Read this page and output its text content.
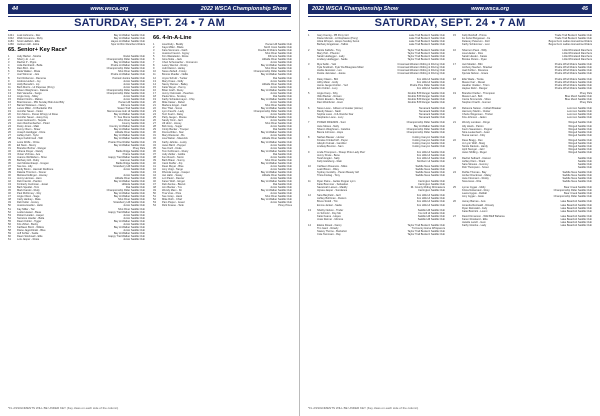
44	www.wsca.org	2022 WSCA Championship Show
SATURDAY, SEPT. 24 • 7 AM
1241	Lusk Ashmore - Rex	Bay Hi Walker Saddle Club
1042	Walk Giovanna - Ruby	Bay Hi Walker Saddle Club
1184	Scott Hatfield - Ellie	Hayes Hi Walker Saddle Club
1266	Jackson Hill - Edna	Spur Hi Rim Ranchers Riders
65. Senior+ Key Race*
1	Judy Barber - Mosha	Razel Saddle Club
2	Sherry Jo - Lux	Championship Rider Saddle Club
3	Rachel P - Pipps	Bay Hi Walker Saddle Club
4	Julia Reinhardt - Bella	Prairie Hi Walker Saddle Club
5	Rain Bird - Zoe	Championship Rider Saddle Club
6	Deila Walker - Mista	Shut River Saddle Club
7	Joel Wimmer - Jets	Prairie Hi Walker Saddle Club
8	Kurt Roberson - Ramona	Painted Justice Saddle Club
9	Andrew Hebert - Joy	Junior Saddle Club
10	Holly Benedict - Lip	Junior Saddle Club
11	Beth Morris - Lil Papoose (Pony)	Junior Saddle Club
12	Shaun Weighman - Dakota	Championship Rider Saddle Club
13	Deb Vanecke - Sargo	Championship Rider Saddle Club
14	Angie Gray - Miley	Junior Saddle Club
15	Robert Norris - Mabes	Junior Saddle Club
16	Brad Homes - RW Sunday Bob Auto Billy	Pecan Hill Saddle Club
17	Barrett Wolsteen - Nancy	Fillmore Saddle Club
18	Lance Miller - KI Buckeller 351	Sweet Trail Saddle Club
19	Jennifer Sauer - Violet	Menomonee Hub Hi Saddle Club
20	Kim Munro - Pecan Wimpy Lil Rose	Bay Hi Walker Saddle Club
21	Jennifer Sauer - Jessy Kay	Tr. Sue Monte Saddle Club
22	Jessi Gutknecht - Tequila	Shut River Saddle Club
23	Jann Reichenbacher - Pistol	County Saddle Club
24	Dusty Jones - Maki	Country Hi Walker Saddle Club
25	Jenny Olson - Shaw	Bay Hi Walker Saddle Club
26	Joseph Heidigger - Dixie	Hillside River Saddle Club
27	Ashley Kehl - Sylvi	Bay Hi Walker Saddle Club
28	Kaye Karlshroud - Will	Bay Hi Walker Saddle Club
29	Lexie Wolfe - Chloe	Prairie Pine Ridder Saddle Club
30	Ed Stein - Mercy	Bay Hi Walker Saddle Club
31	Brandon Bohrer - Ranger	Piney Pals
32	Athena Dwyer - Dandy	Battle Ridge Saddle Club
33	Vivian Vrchota - Ace	Prairie Saddle Club
34	Joanne Wohlleben - Shoo	Happy Trail Walker Saddle Club
35	Bethany Hill - Ruby	Hanover Saddle Club
36	Jaci Mockenhaupt - Imogen	Battle Ridge Saddle Club
37	Sue Ha - Lilly	Strawberry Hill Saddle Club
38	Emily Bonin - Hannah Redbone	Junior Saddle Club
39	Dakota Thornton - Stoner	Saddle Club
40	Melissa Dellinger - Hooray	Junior Saddle Club
41	Jenny Hermes - Hero	Hillside River Saddle Club
42	Deb Franzki - Pardon	Bay Hi Walker Saddle Club
43	Kimberly Cushman - Jewel	Hillside Saddle Club
44	Barb Speidel - Toni	Flat Saddle Club
45	Mark Kanski - Rudy	Championship Rider Saddle Club
46	Paul McKinney - Roy	Bay Hi Walker Saddle Club
47	Angie Olson - Sage	Bay Hi Walker Saddle Club
48	Carly Hankey - Maia	Shut River Saddle Club
49	Deb Keller - Honey	Strawberry Hill Saddle Club
50	Jessica Hoeller - Hello	Junior Saddle Club
51	Kay Miller - Taz	Shut River Saddle Club
52	Leslie Hauser - Beau	Happy Trail Walker Saddle Club
53	Robert Hoeller - Jasper	Junior Saddle Club
54	Suzanne Hoeller - Bella	Junior Saddle Club
55	Dawn Kohler - Tigger	Bay Hi Walker Saddle Club
56	Kris Zirbel - Bucky	Junior Saddle Club
57	Kathleen Brotz - Willow	Bay Hi Walker Saddle Club
58	Diane Jagodzinski - Blue	Junior Saddle Club
59	Jeff Kohler - Sadie	Bay Hi Walker Saddle Club
60	Dawn Stockwell - Ellie	Happy Trail Walker Saddle Club
61	Lois Jasper - Rosie	Junior Saddle Club
66. 4-In-A-Line
1	Lisa Rudy - Buddy	Pecan Hill Saddle Club
2	Kaye Miller - Blaze	North Crest Saddle Club
3	Kara Sommers - Faith	Double R Riders Saddle Club
4	Jessica Freund - Gypsy	Shut River Saddle Club
5	Kim Wasieleski - Rosie	Fillmore Saddle Club
6	Gina Nolte - Jack	Hillside River Saddle Club
7	Cheri Schumacher - Cinnamon	Junior Saddle Club
8	Lacey Wenzel - Rocky	Bay Hi Walker Saddle Club
9	Jodi Dietzel - Harley	Shut River Saddle Club
10	Steve Ziebell - Frosty	Championship Rider Saddle Club
11	Bonnie Mueller - Nellie	Bay Hi Walker Saddle Club
12	Joyce Schulz - Tucker	Flat Saddle Club
13	Mary Kraus - Dolly	Junior Saddle Club
14	Nancy Reimer - Bailey	Hillside River Saddle Club
15	Katie Weyer - Penny	Junior Saddle Club
16	Brian Graff - Dusty	Bay Hi Walker Saddle Club
17	Jenny Ostrowski - Peaches	Junior Saddle Club
18	Paula Sina - Smokey	Flat Saddle Club
19	Kathy Schiedermayer - Chip	Bay Hi Walker Saddle Club
20	Mike Kaiser - Rebel	Junior Saddle Club
21	Marlene Engel - Cash	Shut River Saddle Club
22	Ron Thiel - Scout	Bay Hi Walker Saddle Club
23	Lynn Feucht - Lady	Championship Rider Saddle Club
24	Terri Kuehl - Daisy	Junior Saddle Club
25	Patty Jaeger - Moose	Bay Hi Walker Saddle Club
26	Sandy Kind - Jazz	Junior Saddle Club
27	Jill Hintz - Honey	Shut River Saddle Club
28	Bob Gray - Sugar	Junior Saddle Club
29	Cindy Becker - Trooper	Flat Saddle Club
30	Donna Ritter - Star	Bay Hi Walker Saddle Club
31	Mary Riesterer - Bo	Junior Saddle Club
32	Lisa Weber - Maverick	Hillside River Saddle Club
33	Kathy Jahnke - Lucky	Bay Hi Walker Saddle Club
34	Janet Bartz - Pepper	Junior Saddle Club
35	Sue Koch - Duke	Junior Saddle Club
36	Tom Kohlmann - Rusty	Bay Hi Walker Saddle Club
37	Judy Zeitler - Goldie	Flat Saddle Club
38	Ken Rusch - Storm	Junior Saddle Club
39	Barb Braun - Sunny	Shut River Saddle Club
40	Carol Kieffer - Zip	Bay Hi Walker Saddle Club
41	Dean Meyer - Blue	Junior Saddle Club
42	Amy Voigt - Tango	Junior Saddle Club
43	Rhonda Lange - Casper	Bay Hi Walker Saddle Club
44	Jan Hahn - Sassy	Hillside River Saddle Club
45	Lori Pautz - Dancer	Junior Saddle Club
46	Karen Wolf - Ginger	Bay Hi Walker Saddle Club
47	Deb Zemke - Biscuit	Flat Saddle Club
48	Ann Becker - Tux	Junior Saddle Club
49	Wendy Marx - Kit	Bay Hi Walker Saddle Club
50	Tina Voss - Pixie	Junior Saddle Club
51	Sue Griep - Hank	Shut River Saddle Club
52	Mike Roth - Chief	Bay Hi Walker Saddle Club
53	Pam Pieper - Jewel	Junior Saddle Club
54	Rick Krause - Tank	Piney Pines
*FL ASSIGNMENTS WILL BE UNDER KEY (Key class on each side of the column)
2022 WSCA Championship Show	www.wsca.org	45
SATURDAY, SEPT. 24 • 7 AM
1	Gary Koenig - PB Pony Girl	Lake Trail Buckerz Saddle Club
Diane Merwin - Lil Rephaeto (Pony)	Lake Trail Buckerz Saddle Club
Alicia Wimpel - Hoops Sunday Scout	Lake Trail Buckerz Saddle Club
Bethany Engelman - Talbot	Lake Trail Buckerz Saddle Club
2	Nicole Kalfahs - Trey	Taylor Trail Buckerz Saddle Club
Mary Pell - Pheonix	Taylor Trail Buckerz Saddle Club
Sarah Heidegger - Lady	Taylor Trail Buckerz Saddle Club
Lindsey Heidegger - Sadie	Taylor Trail Buckerz Saddle Club
3	Mya Sellin - Yuki	Crossroad Western Riding & Driving Club
Kyla Snellnell - Kyle 'Da Bluegrass Miles'	Crossroad Western Riding & Driving Club
Hudia Janowiec - Lex	Crossroad Western Riding & Driving Club
Dustie Janowiec - Jessie	Crossroad Western Riding & Driving Club
4	Daisy Klaers - Bitz	Fox Hills HI Saddle Club
Abby Meier - Holly	Fox Hills HI Saddle Club
Jamie Jaeger-Kohler - Yuzi	Prairie Pine Rider Saddle Club
Erin Kohler - Lucy	Fox Hills HI Saddle Club
5	Angie Koop - Kiby	Double B B Ranger Saddle Club
Vikki Becker - Rowen	Double B B Ranger Saddle Club
Kristin Eiselen - Buckey	Double B B Ranger Saddle Club
Dani Weinfurter - Hoot	Double B B Ranger Saddle Club
6	Steve Loew - Gillsum of Husker (Horse)	Tamarack Saddle Club
Randy Mauer - Nash	Tamarack Saddle Club
Sophia Loew - CJL Rambo Star	Tamarack Saddle Club
Stephanie Loew - Lucy	Tamarack Saddle Club
7	POKER FRIENDS - Sunt	Championship Rider Saddle Club
Jane Moses - Nelly	Bay Hi Walker Saddle Club
Sharon Weighman - Catullus	Championship Rider Saddle Club
Becca Johnson - Hops	Championship Rider Saddle Club
8	Nathan Bauser - Hunter	Cutting Canyon Saddle Club
Kinslee Krinkerhoff - Pepsi	Cutting Canyon Saddle Club
Adaylin Kutnak - Gambler	Cutting Canyon Saddle Club
Lindsay Brenton - Sam	Cutting Canyon Saddle Club
9	Linda Thompson - Sheep Pinto Lady Pierr	Fox Hills HI Saddle Club
Jenny Shute - Bene	Fox Hills HI Saddle Club
Tarah Engler - Sally	Fox Hills HI Saddle Club
Kelly Hielsberg - Rain	Northern Hi Saddle Club
10	Cathleen Rosenow - Miles	Saddle Ness Saddle Club
Leah Bloom - Riley	Saddle Ness Saddle Club
Sydney Goolsby - Pecan Beauty Girl	Saddle Ness Saddle Club
Trista Freitag - Tony	Saddle Ness Saddle Club
11	Ryan Paine - Jackie Pepper Lynn	Carrington Saddle Club
Katie Bremmer - Sebastian	Carrington Saddle Club
Savannah Larsen - Maddy	Rt. County Riding Dirtmasters
Alyssa Jasper - Sundance	Carrington Saddle Club
12	Sara Baryfield - Jazz	Fox Hills HI Saddle Club
Ashley Bohlman - Ruston	Fox Hills HI Saddle Club
Bruce Stoldt - Trix	Fox Hills HI Saddle Club
Emma Jantaz - Sadie	Fox Hills HI Saddle Club
13	Shelby Nelson - Tinder	Saddle Hill Saddle Club
Jo Schmitz - Doy Mo	Fox Hill Hi Saddle Club
Katie Keane - Hayes	Saddle Hill Saddle Club
Josie Reimer - Monroe	Saddle Hill Saddle Club
14	Elaine Rosek - Fancy	Taylor Trail Buckerz Saddle Club
Tim Ganz - Rowdy	Tri-County Horse Whisperers
Stacey Thorne - Buckshot	Taylor Trail Buckerz Saddle Club
Cole Tammaro - Ray	Taylor Trail Buckerz Saddle Club
15	Kelly Retzlaff - Prince	Trade Trail Buckerz Saddle Club
Fe Fertel Burgesser - Fe	Trade Trail Buckerz Saddle Club
Delaney Peterson - Doll	Bogus Kern Ladies Horseshoe Riders
Kathy Schlemmer - Lexi	Bogus Kern Ladies Horseshoe Riders
16	Shannon Peek - Willy	Little Rhineland Ranchers
Lisa Hiesler - Dice	Little Rhineland Ranchers
Sarah Hiesler - Kaisie	Little Rhineland Ranchers
Brooke Peters - Dyan	Little Rhineland Ranchers
17	Jaci Moeller - Bibi	Prairie Wind Riders Saddle Club
Anthony Neebel - Shadow	Prairie Wind Riders Saddle Club
Jaeli Kohler - Roxanne	Prairie Wind Riders Saddle Club
Kjersta Nelson - Grace	Prairie Wind Riders Saddle Club
18	Ellie Wade - Tonka	Prairie Wind Riders Saddle Club
Mason Karr - Diesel	Prairie Wind Riders Saddle Club
Heather Voelker - Triton	Prairie Wind Riders Saddle Club
Haylee Reitz - Ranger	Prairie Wind Riders Saddle Club
19	Brandon Kleiber - Thompson	Piney Pals
Mason Lauf - Bolt	Blue Mesh Saddle Club
Cierra Simmonds - Vibes	Blue Mesh Saddle Club
Stephen Kracht - Gunner	Piney Pals
20	Rebecca Nelson - Colbalt Breaker	Lemmon Saddle Club
Harmony Martin - Clutter	Lemmon Saddle Club
Cherie Wogensen - Timber	Lemmon Saddle Club
Kira Johnson - Jaden	Lemmon Saddle Club
21	Wendy Lundeen - Dingo	Winged Saddle Club
Ally Hoefs - Patron	Winged Saddle Club
Kevin Sauerstein - Pepper	Winged Saddle Club
Nina Lautenbach - Aster	Winged Saddle Club
Teena Lanner - Kitty	Winged Saddle Club
22	Dave Bragg - Rex	Winged Saddle Club
Jo Lynn Wolf - Marg	Winged Saddle Club
Nicole Daniels - Hardy	Winged Saddle Club
April Stenger - Jazz	Winged Saddle Club
Janet Shilling - Ruger	Winged Saddle Club
23	Rachel Selbach - Dancer	Saddle Club
Ashley Klein - Shark	Saddle Club
Sara Strauss - Gemmy	Saddle Club
Rob Thompson - Scout	Saddle Club
24	Ruthie Thomas - Bay	Saddle Ness Saddle Club
Amber Dreckman - Maisy	Saddle Ness Saddle Club
Jane Firemann - Rocky	Saddle Ness Saddle Club
Nora Hess - Rita	Saddle Ness Saddle Club
25	Lynne Gygax - Molly	Bear Creek Saddle Club
Krista Nottersted - Roxy	Championship Rider Saddle Club
Laura Gygax - Delilah	Bear Creek Saddle Club
Amy Gygax - Jaxie	Championship Rider Saddle Club
26	Jamey Barnes - Avis	Lake Bearclub Saddle Club
Amanda Reinwald - Dinasty	Lake Bearclub Saddle Club
Ryan Reinwald - Jody	Lake Bearclub Saddle Club
Katie Breitrick - Loomi	Lake Bearclub Saddle Club
27	David Kinnamon - Wild Bluff Bahama	Lake Bearclub Saddle Club
Karen Rossland - Ellie	Lake Bearclub Saddle Club
Janelle Lanch - Gem	Lake Bearclub Saddle Club
Kathy Glorcke - Lady	Lake Bearclub Saddle Club
*FL ASSIGNMENTS WILL BE UNDER KEY (Key class on each side of the column)
